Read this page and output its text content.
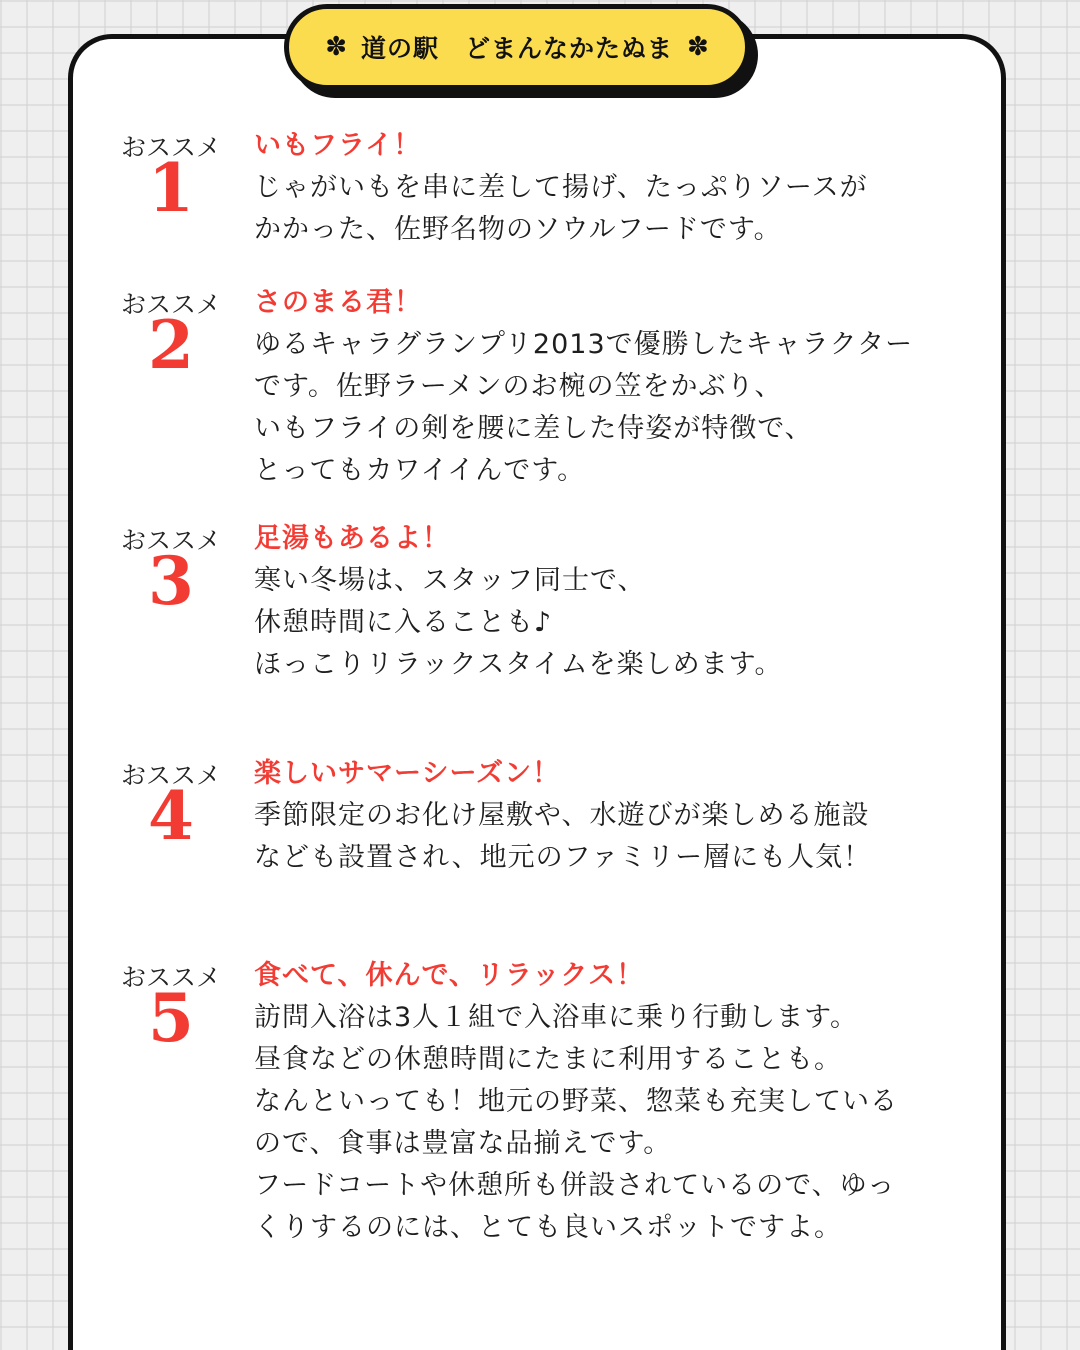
✽ 道の駅　どまんなかたぬま ✽
おススメ
1
いもフライ！
じゃがいもを串に差して揚げ、たっぷりソースが
かかった、佐野名物のソウルフードです。
おススメ
2
さのまる君！
ゆるキャラグランプリ2013で優勝したキャラクター
です。佐野ラーメンのお椀の笠をかぶり、
いもフライの剣を腰に差した侍姿が特徴で、
とってもカワイイんです。
おススメ
3
足湯もあるよ！
寒い冬場は、スタッフ同士で、
休憩時間に入ることも♪
ほっこりリラックスタイムを楽しめます。
おススメ
4
楽しいサマーシーズン！
季節限定のお化け屋敷や、水遊びが楽しめる施設
なども設置され、地元のファミリー層にも人気！
おススメ
5
食べて、休んで、リラックス！
訪問入浴は3人１組で入浴車に乗り行動します。
昼食などの休憩時間にたまに利用することも。
なんといっても！地元の野菜、惣菜も充実している
ので、食事は豊富な品揃えです。
フードコートや休憩所も併設されているので、ゆっ
くりするのには、とても良いスポットですよ。
